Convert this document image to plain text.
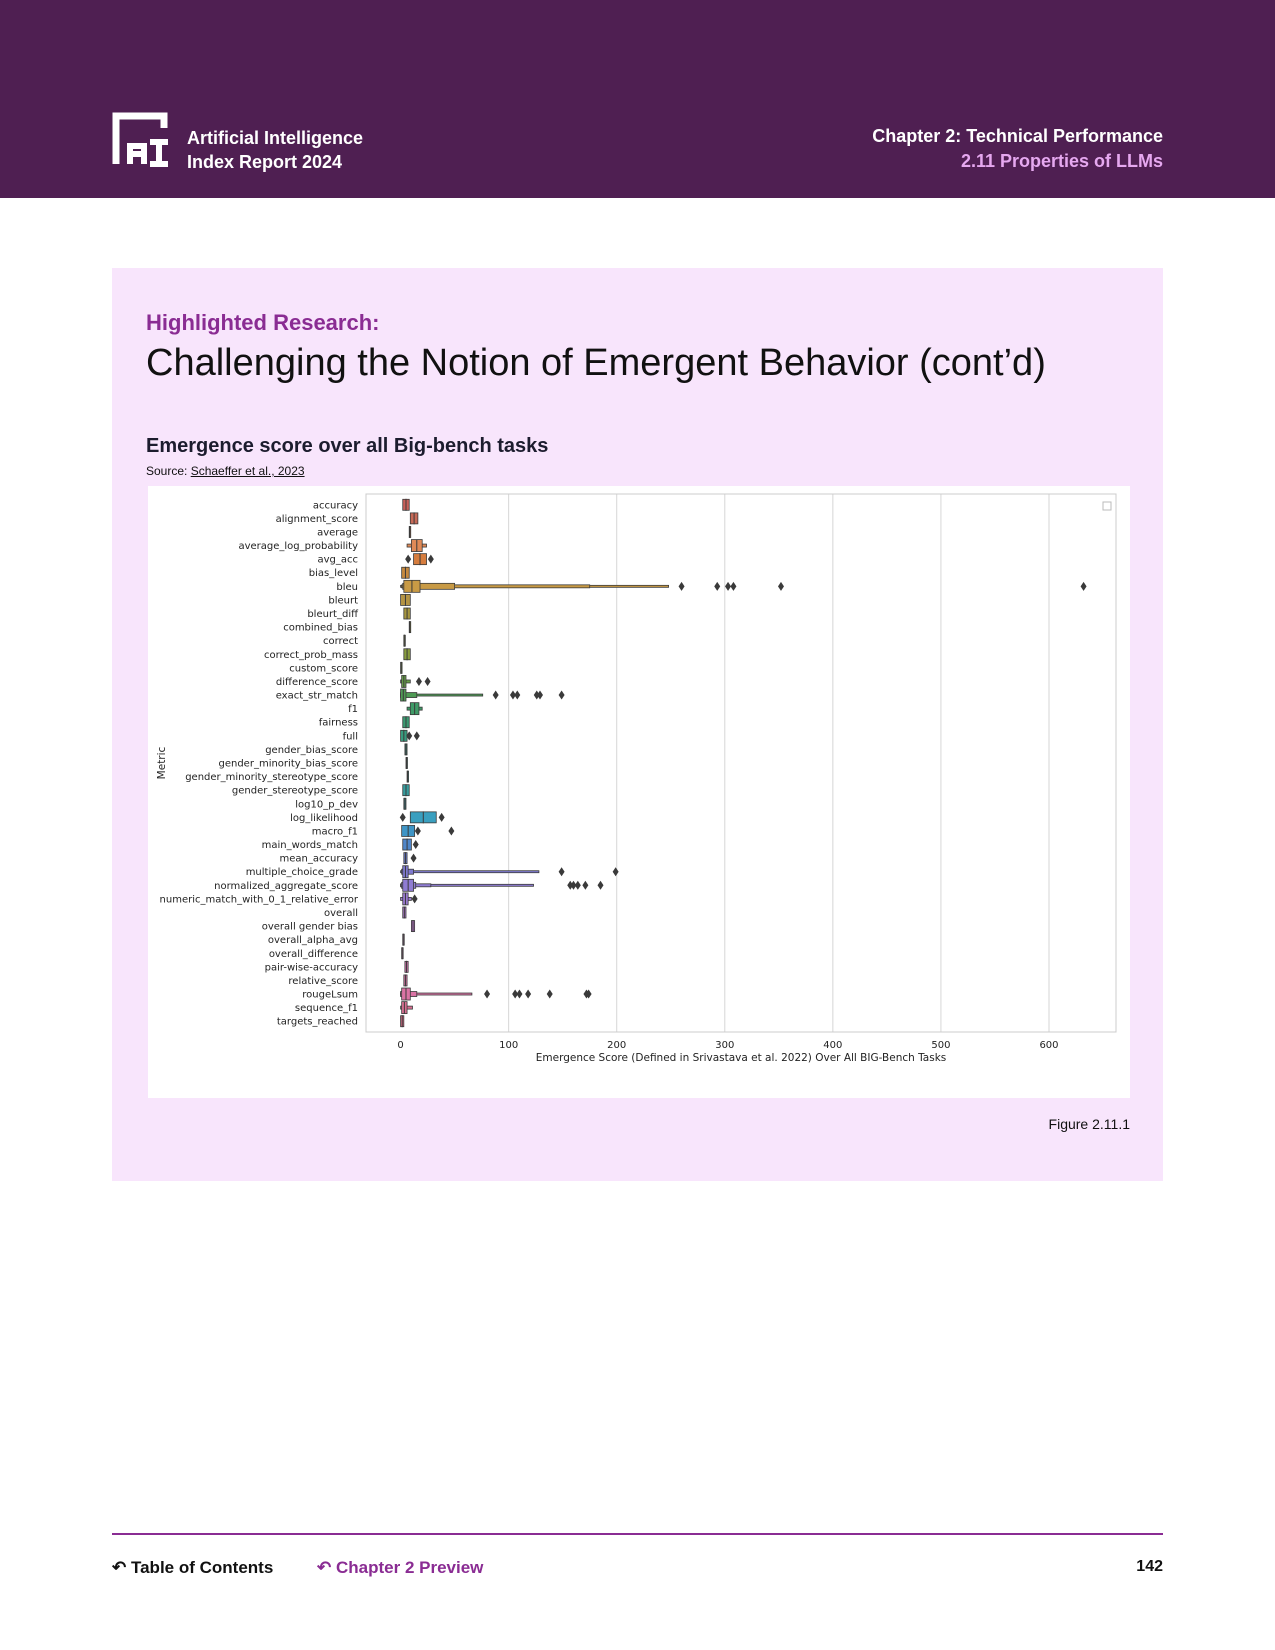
Artificial Intelligence
Index Report 2024
Chapter 2: Technical Performance
2.11 Properties of LLMs
Highlighted Research:
Challenging the Notion of Emergent Behavior (cont’d)
Emergence score over all Big-bench tasks
Source: Schaeffer et al., 2023
accuracy
alignment_score
average
average_log_probability
avg_acc
bias_level
bleu
bleurt
bleurt_diff
combined_bias
correct
correct_prob_mass
custom_score
difference_score
exact_str_match
f1
fairness
full
gender_bias_score
gender_minority_bias_score
gender_minority_stereotype_score
gender_stereotype_score
log10_p_dev
log_likelihood
macro_f1
main_words_match
mean_accuracy
multiple_choice_grade
normalized_aggregate_score
numeric_match_with_0_1_relative_error
overall
overall gender bias
overall_alpha_avg
overall_difference
pair-wise-accuracy
relative_score
rougeLsum
sequence_f1
targets_reached
0	100	200	300	400	500	600
Emergence Score (Defined in Srivastava et al. 2022) Over All BIG-Bench Tasks
Metric
Figure 2.11.1
↶ Table of Contents	↶ Chapter 2 Preview	142
